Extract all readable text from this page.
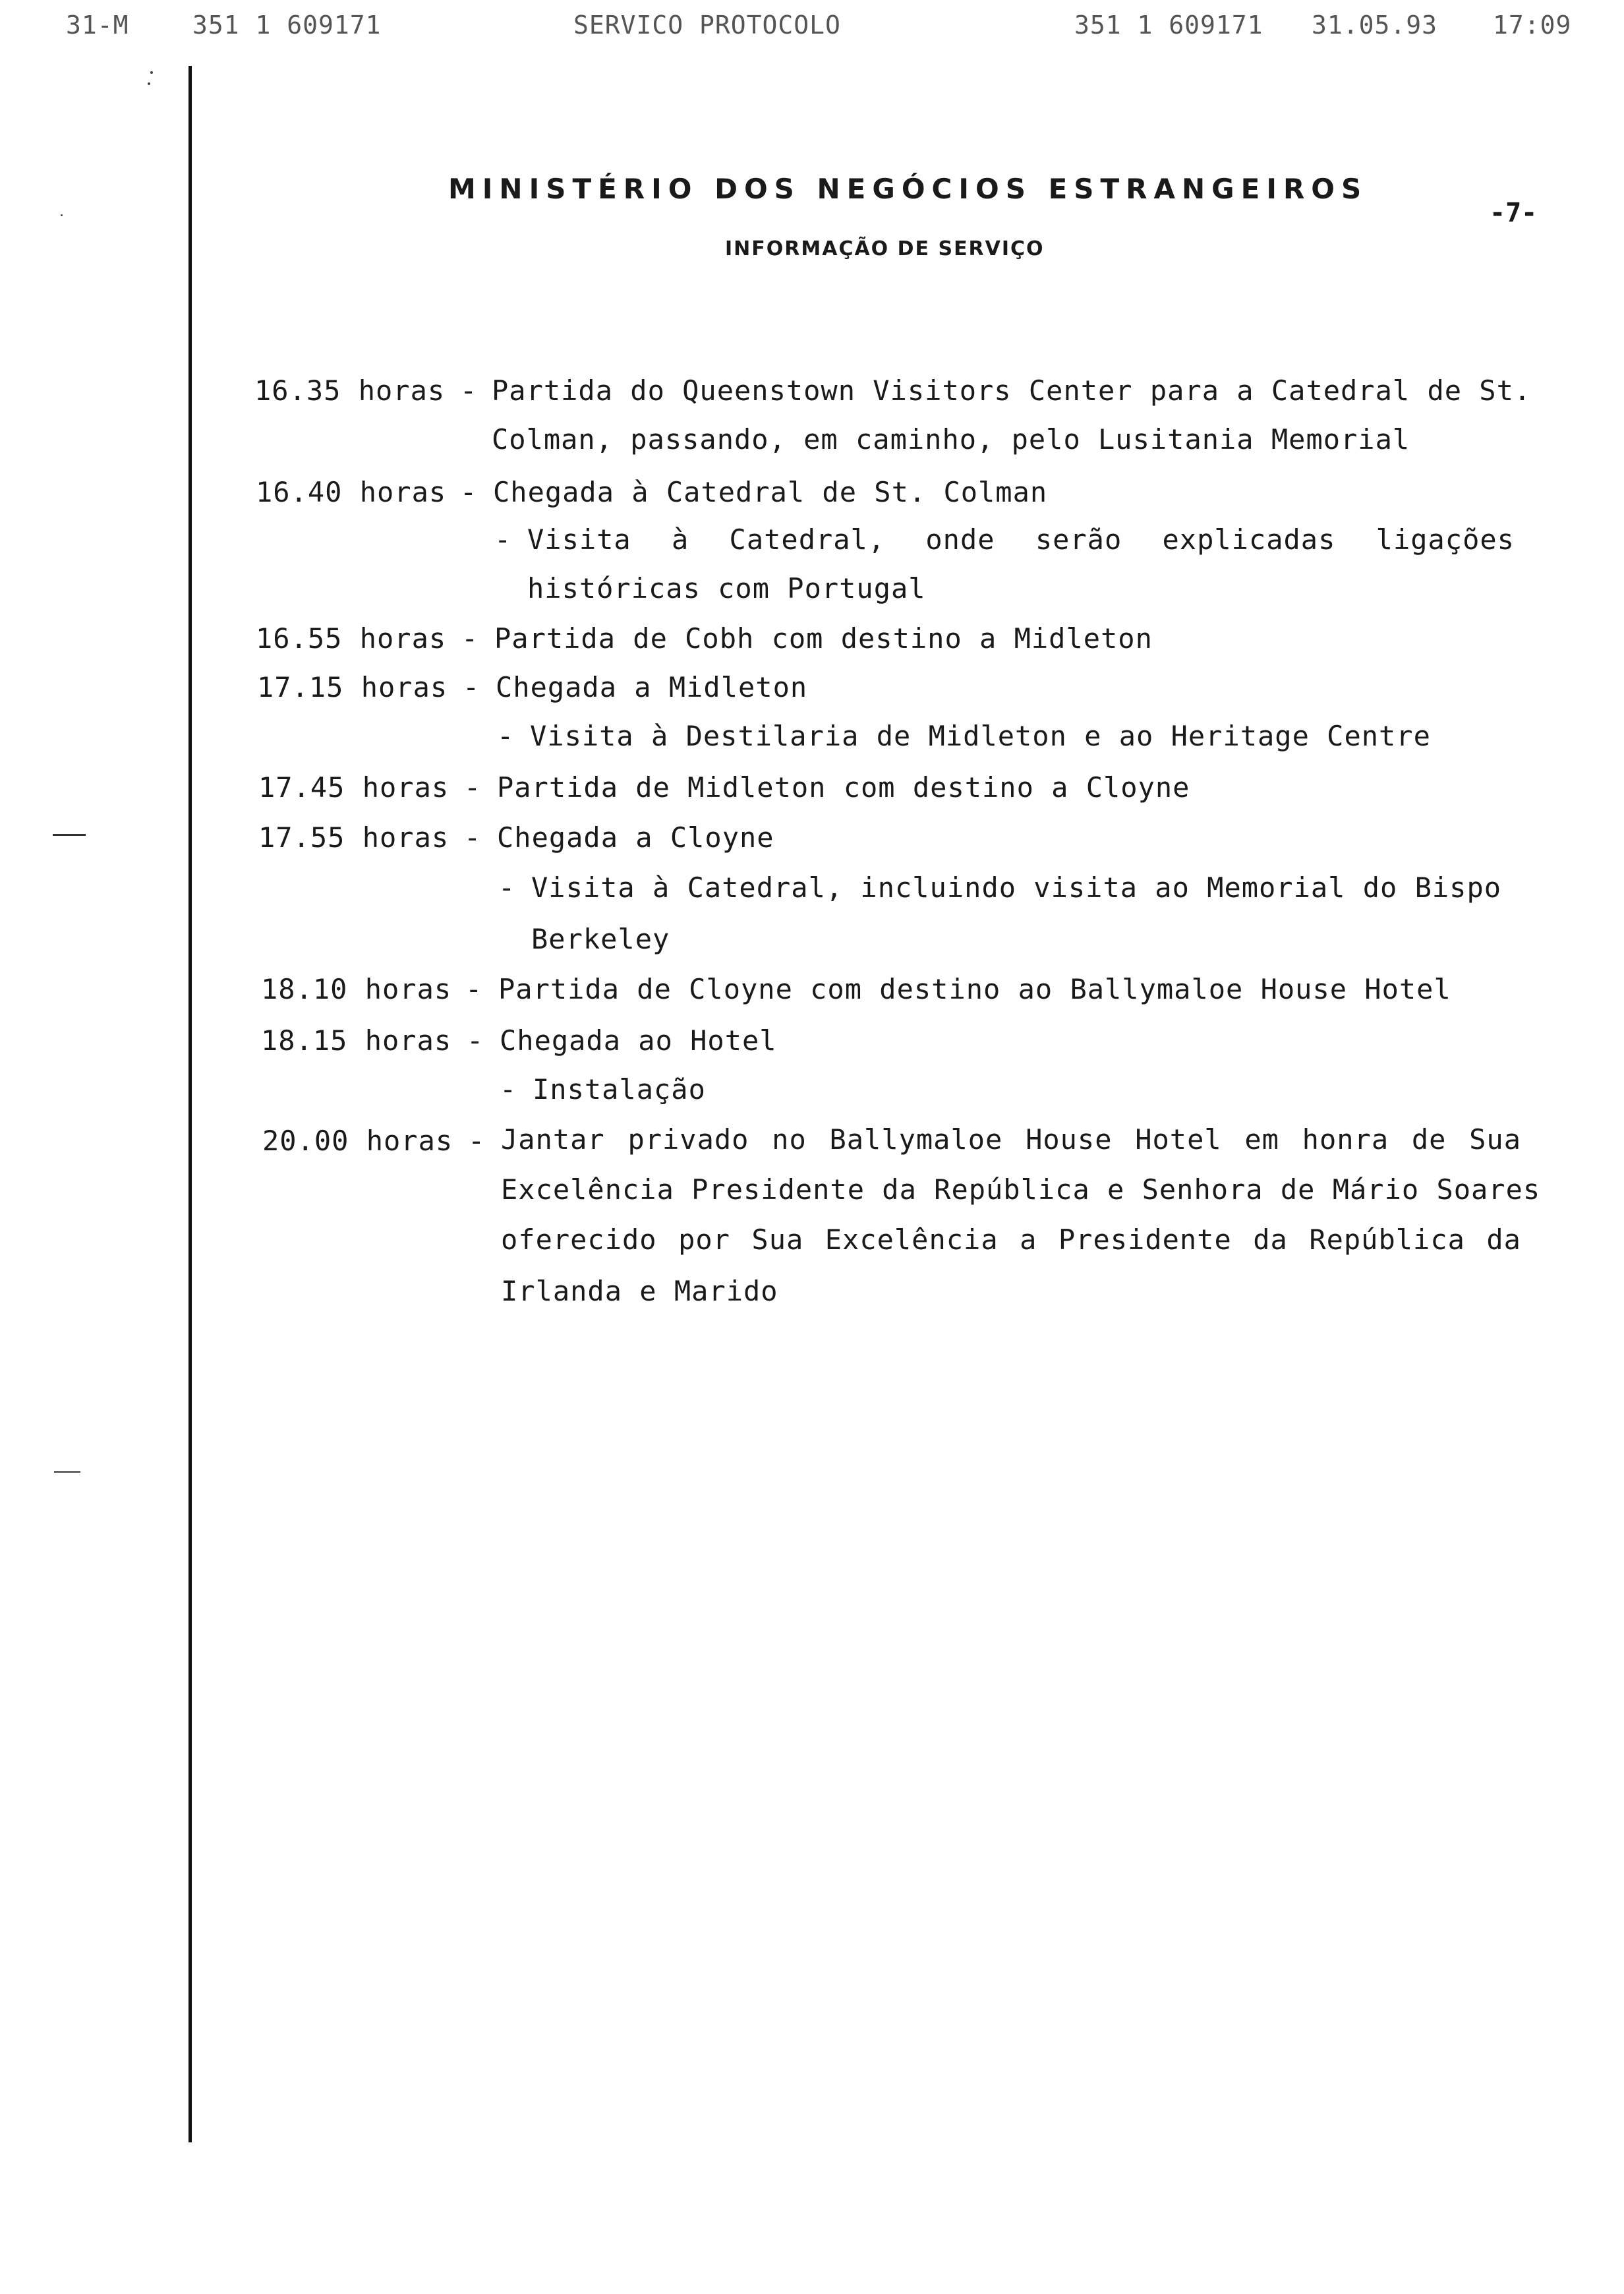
31-M	351 1 609171	SERVICO PROTOCOLO	351 1 609171 31.05.93 17:09
MINISTÉRIO DOS NEGÓCIOS ESTRANGEIROS
-7-
INFORMAÇÃO DE SERVIÇO
16.35 horas - Partida do Queenstown Visitors Center para a Catedral de St.
Colman, passando, em caminho, pelo Lusitania Memorial
16.40 horas - Chegada à Catedral de St. Colman
- Visita à Catedral, onde serão explicadas ligações
históricas com Portugal
16.55 horas - Partida de Cobh com destino a Midleton
17.15 horas - Chegada a Midleton
- Visita à Destilaria de Midleton e ao Heritage Centre
17.45 horas - Partida de Midleton com destino a Cloyne
17.55 horas - Chegada a Cloyne
- Visita à Catedral, incluindo visita ao Memorial do Bispo
Berkeley
18.10 horas - Partida de Cloyne com destino ao Ballymaloe House Hotel
18.15 horas - Chegada ao Hotel
- Instalação
20.00 horas - Jantar privado no Ballymaloe House Hotel em honra de Sua
Excelência Presidente da República e Senhora de Mário Soares
oferecido por Sua Excelência a Presidente da República da
Irlanda e Marido
